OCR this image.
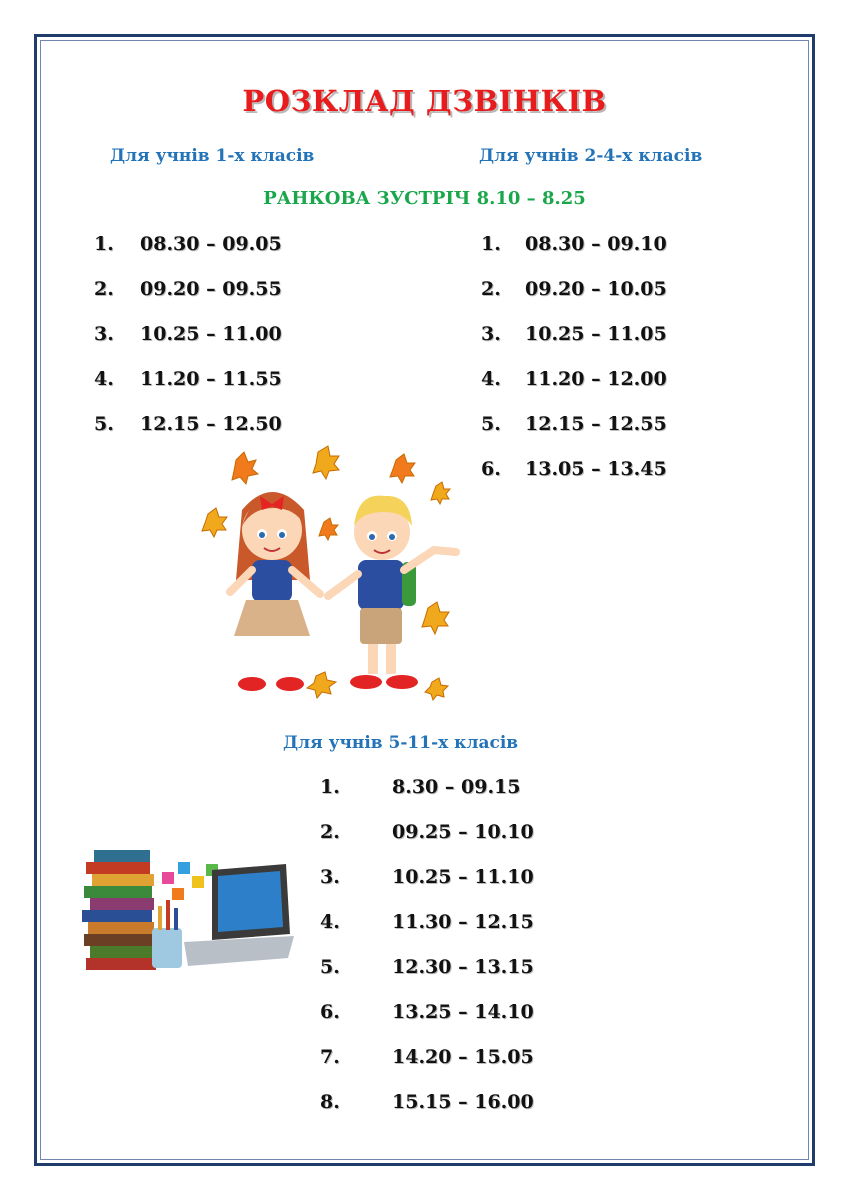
РОЗКЛАД ДЗВІНКІВ
Для учнів 1-х класів	Для учнів 2-4-х класів
РАНКОВА ЗУСТРІЧ 8.10 – 8.25
1. 08.30 – 09.05
2. 09.20 – 09.55
3. 10.25 – 11.00
4. 11.20 – 11.55
5. 12.15 – 12.50
1. 08.30 – 09.10
2. 09.20 – 10.05
3. 10.25 – 11.05
4. 11.20 – 12.00
5. 12.15 – 12.55
6. 13.05 – 13.45
Для учнів 5-11-х класів
1.	8.30 – 09.15
2.	09.25 – 10.10
3.	10.25 – 11.10
4.	11.30 – 12.15
5.	12.30 – 13.15
6.	13.25 – 14.10
7.	14.20 – 15.05
8.	15.15 – 16.00
